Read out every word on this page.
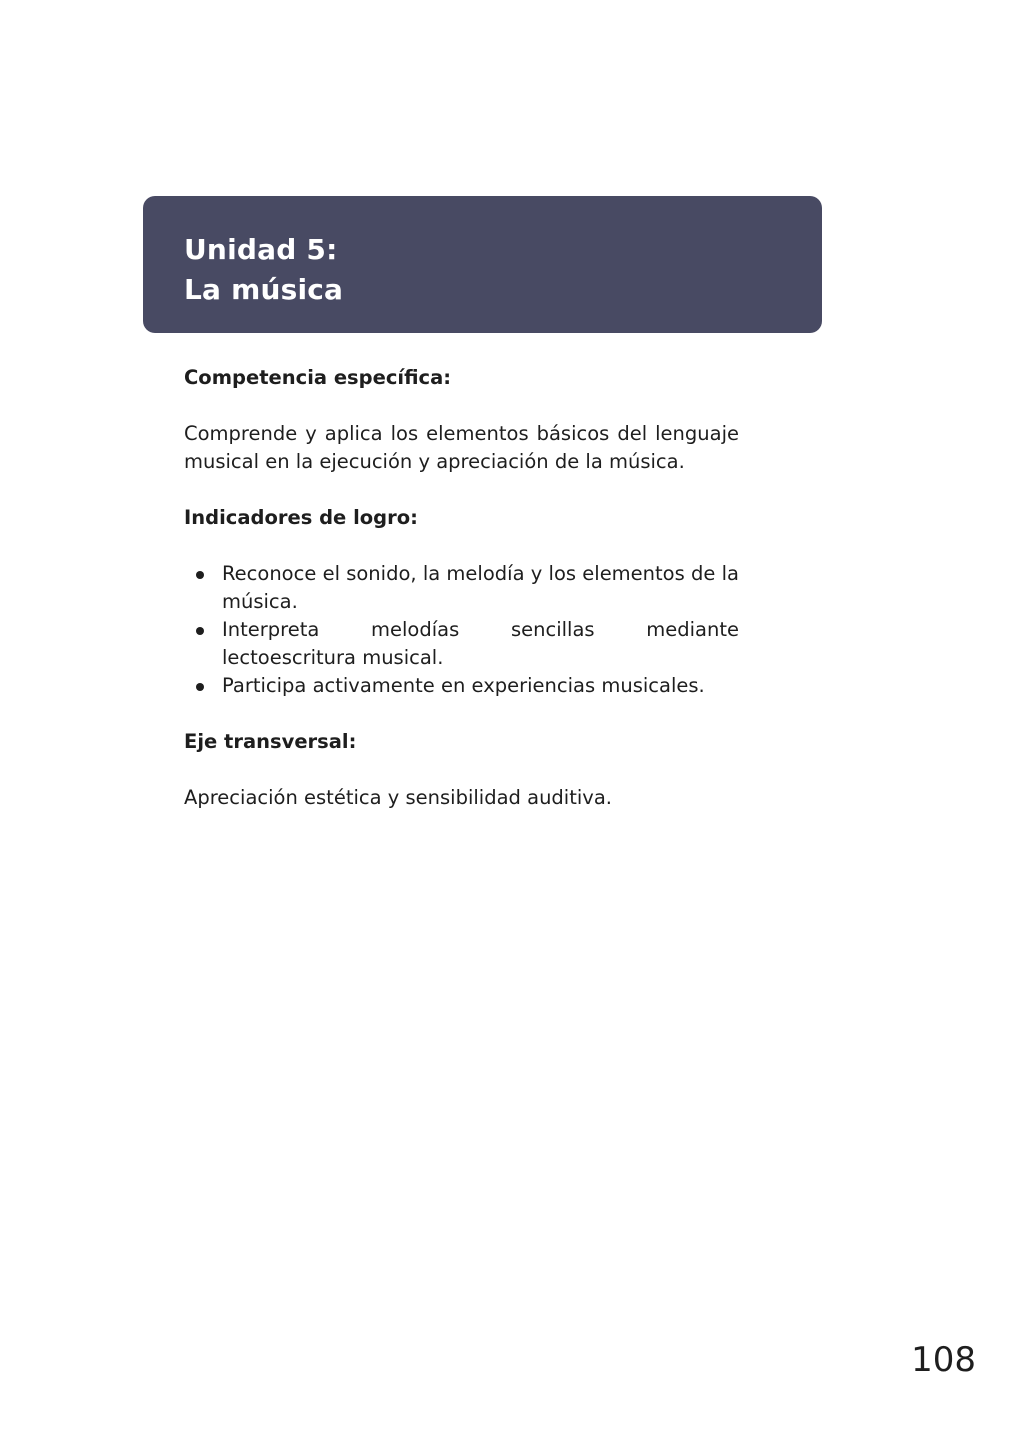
Unidad 5:
La música

Competencia específica:

Comprende y aplica los elementos básicos del lenguaje musical en la ejecución y apreciación de la música.

Indicadores de logro:

Reconoce el sonido, la melodía y los elementos de la música.
Interpreta melodías sencillas mediante lectoescritura musical.
Participa activamente en experiencias musicales.

Eje transversal:

Apreciación estética y sensibilidad auditiva.

108
